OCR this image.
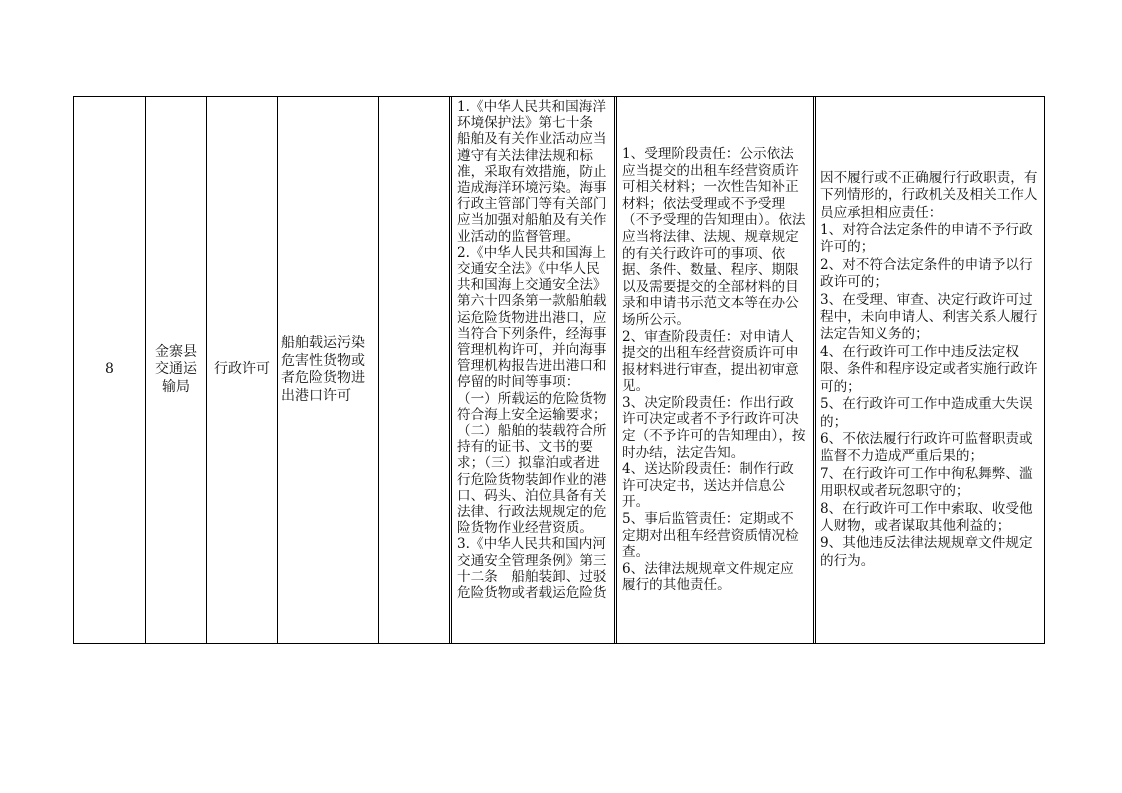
8
金寨县
交通运
输局
行政许可
船舶载运污染危害性货物或者危险货物进出港口许可
1.《中华人民共和国海洋环境保护法》第七十条 船舶及有关作业活动应当遵守有关法律法规和标准，采取有效措施，防止造成海洋环境污染。海事行政主管部门等有关部门应当加强对船舶及有关作业活动的监督管理。
2.《中华人民共和国海上交通安全法》《中华人民共和国海上交通安全法》第六十四条第一款船舶载运危险货物进出港口，应当符合下列条件，经海事管理机构许可，并向海事管理机构报告进出港口和停留的时间等事项：
（一）所载运的危险货物符合海上安全运输要求；（二）船舶的装载符合所持有的证书、文书的要求；（三）拟靠泊或者进行危险货物装卸作业的港口、码头、泊位具备有关法律、行政法规规定的危险货物作业经营资质。
3.《中华人民共和国内河交通安全管理条例》第三十二条　船舶装卸、过驳危险货物或者载运危险货
1、受理阶段责任：公示依法应当提交的出租车经营资质许可相关材料；一次性告知补正材料；依法受理或不予受理（不予受理的告知理由）。依法应当将法律、法规、规章规定的有关行政许可的事项、依据、条件、数量、程序、期限以及需要提交的全部材料的目录和申请书示范文本等在办公场所公示。
2、审查阶段责任：对申请人提交的出租车经营资质许可申报材料进行审查，提出初审意见。
3、决定阶段责任：作出行政许可决定或者不予行政许可决定（不予许可的告知理由），按时办结，法定告知。
4、送达阶段责任：制作行政许可决定书，送达并信息公开。
5、事后监管责任：定期或不定期对出租车经营资质情况检查。
6、法律法规规章文件规定应履行的其他责任。
因不履行或不正确履行行政职责，有下列情形的，行政机关及相关工作人员应承担相应责任：
1、对符合法定条件的申请不予行政许可的；
2、对不符合法定条件的申请予以行政许可的；
3、在受理、审查、决定行政许可过程中，未向申请人、利害关系人履行法定告知义务的；
4、在行政许可工作中违反法定权限、条件和程序设定或者实施行政许可的；
5、在行政许可工作中造成重大失误的；
6、不依法履行行政许可监督职责或监督不力造成严重后果的；
7、在行政许可工作中徇私舞弊、滥用职权或者玩忽职守的；
8、在行政许可工作中索取、收受他人财物，或者谋取其他利益的；
9、其他违反法律法规规章文件规定的行为。
